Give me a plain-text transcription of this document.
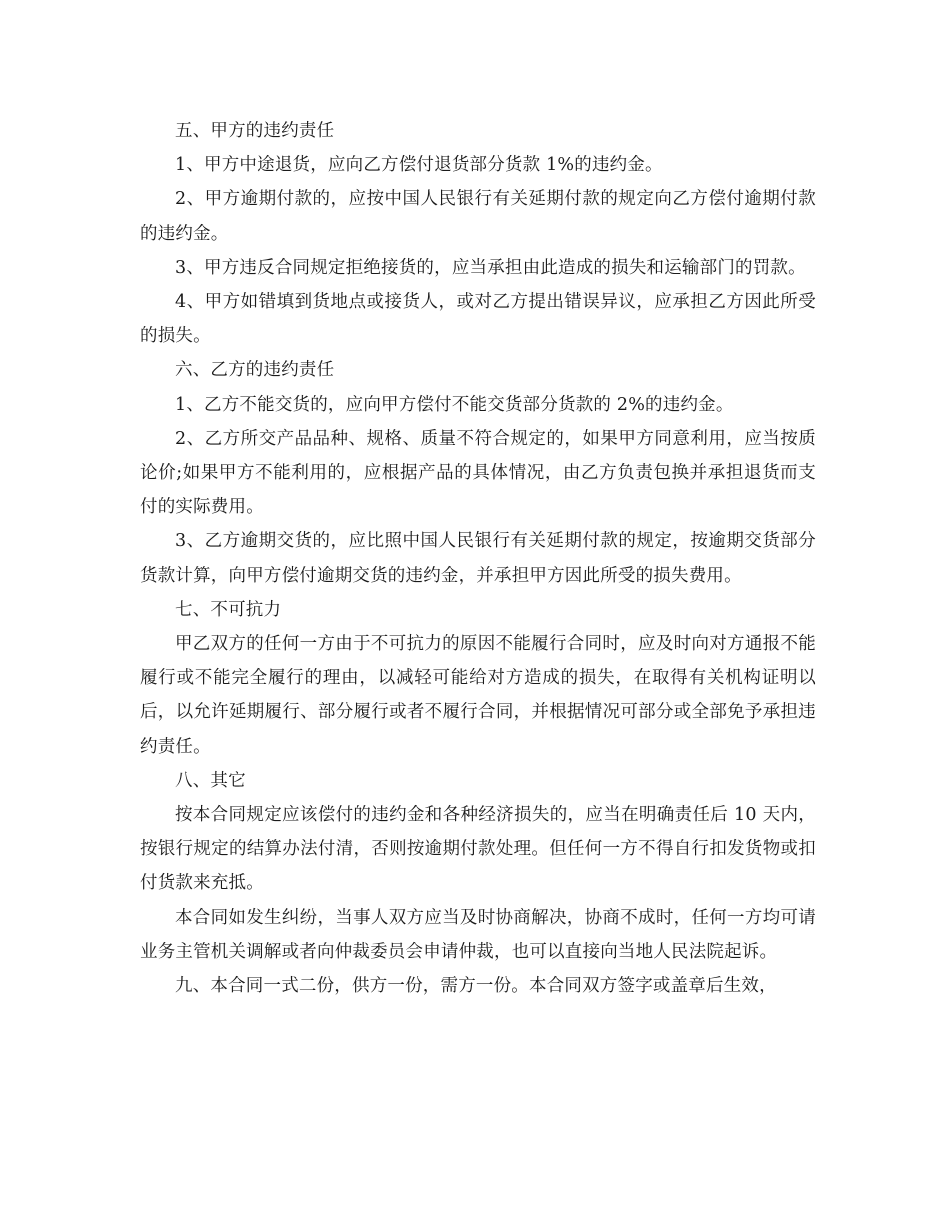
五、甲方的违约责任

1、甲方中途退货，应向乙方偿付退货部分货款 1%的违约金。

2、甲方逾期付款的，应按中国人民银行有关延期付款的规定向乙方偿付逾期付款的违约金。

3、甲方违反合同规定拒绝接货的，应当承担由此造成的损失和运输部门的罚款。

4、甲方如错填到货地点或接货人，或对乙方提出错误异议，应承担乙方因此所受的损失。

六、乙方的违约责任

1、乙方不能交货的，应向甲方偿付不能交货部分货款的 2%的违约金。

2、乙方所交产品品种、规格、质量不符合规定的，如果甲方同意利用，应当按质论价;如果甲方不能利用的，应根据产品的具体情况，由乙方负责包换并承担退货而支付的实际费用。

3、乙方逾期交货的，应比照中国人民银行有关延期付款的规定，按逾期交货部分货款计算，向甲方偿付逾期交货的违约金，并承担甲方因此所受的损失费用。

七、不可抗力

甲乙双方的任何一方由于不可抗力的原因不能履行合同时，应及时向对方通报不能履行或不能完全履行的理由，以减轻可能给对方造成的损失，在取得有关机构证明以后，以允许延期履行、部分履行或者不履行合同，并根据情况可部分或全部免予承担违约责任。

八、其它

按本合同规定应该偿付的违约金和各种经济损失的，应当在明确责任后 10 天内，按银行规定的结算办法付清，否则按逾期付款处理。但任何一方不得自行扣发货物或扣付货款来充抵。

本合同如发生纠纷，当事人双方应当及时协商解决，协商不成时，任何一方均可请业务主管机关调解或者向仲裁委员会申请仲裁，也可以直接向当地人民法院起诉。

九、本合同一式二份，供方一份，需方一份。本合同双方签字或盖章后生效，
